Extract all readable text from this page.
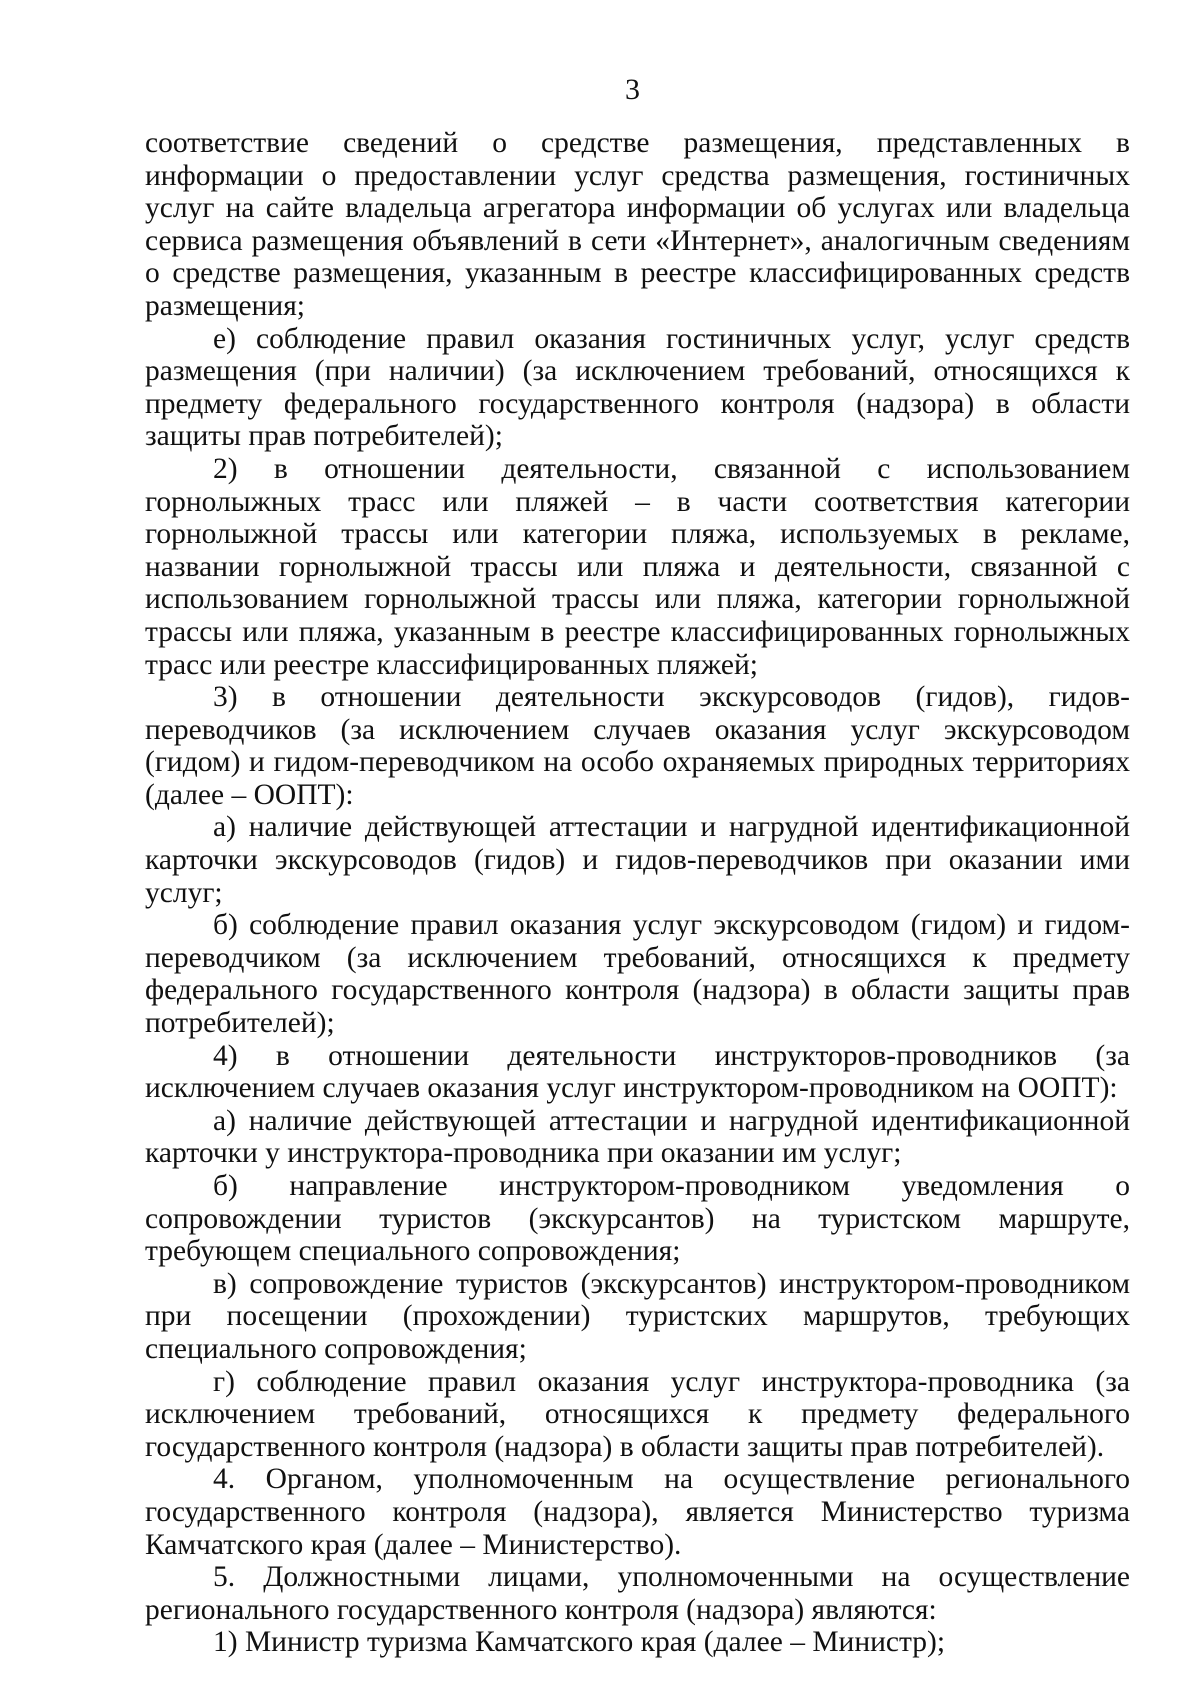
3

соответствие сведений о средстве размещения, представленных в информации о предоставлении услуг средства размещения, гостиничных услуг на сайте владельца агрегатора информации об услугах или владельца сервиса размещения объявлений в сети «Интернет», аналогичным сведениям о средстве размещения, указанным в реестре классифицированных средств размещения;

е) соблюдение правил оказания гостиничных услуг, услуг средств размещения (при наличии) (за исключением требований, относящихся к предмету федерального государственного контроля (надзора) в области защиты прав потребителей);

2) в отношении деятельности, связанной с использованием горнолыжных трасс или пляжей – в части соответствия категории горнолыжной трассы или категории пляжа, используемых в рекламе, названии горнолыжной трассы или пляжа и деятельности, связанной с использованием горнолыжной трассы или пляжа, категории горнолыжной трассы или пляжа, указанным в реестре классифицированных горнолыжных трасс или реестре классифицированных пляжей;

3) в отношении деятельности экскурсоводов (гидов), гидов-переводчиков (за исключением случаев оказания услуг экскурсоводом (гидом) и гидом-переводчиком на особо охраняемых природных территориях (далее – ООПТ):

а) наличие действующей аттестации и нагрудной идентификационной карточки экскурсоводов (гидов) и гидов-переводчиков при оказании ими услуг;

б) соблюдение правил оказания услуг экскурсоводом (гидом) и гидом-переводчиком (за исключением требований, относящихся к предмету федерального государственного контроля (надзора) в области защиты прав потребителей);

4) в отношении деятельности инструкторов-проводников (за исключением случаев оказания услуг инструктором-проводником на ООПТ):

а) наличие действующей аттестации и нагрудной идентификационной карточки у инструктора-проводника при оказании им услуг;

б) направление инструктором-проводником уведомления о сопровождении туристов (экскурсантов) на туристском маршруте, требующем специального сопровождения;

в) сопровождение туристов (экскурсантов) инструктором-проводником при посещении (прохождении) туристских маршрутов, требующих специального сопровождения;

г) соблюдение правил оказания услуг инструктора-проводника (за исключением требований, относящихся к предмету федерального государственного контроля (надзора) в области защиты прав потребителей).

4. Органом, уполномоченным на осуществление регионального государственного контроля (надзора), является Министерство туризма Камчатского края (далее – Министерство).

5. Должностными лицами, уполномоченными на осуществление регионального государственного контроля (надзора) являются:

1) Министр туризма Камчатского края (далее – Министр);
